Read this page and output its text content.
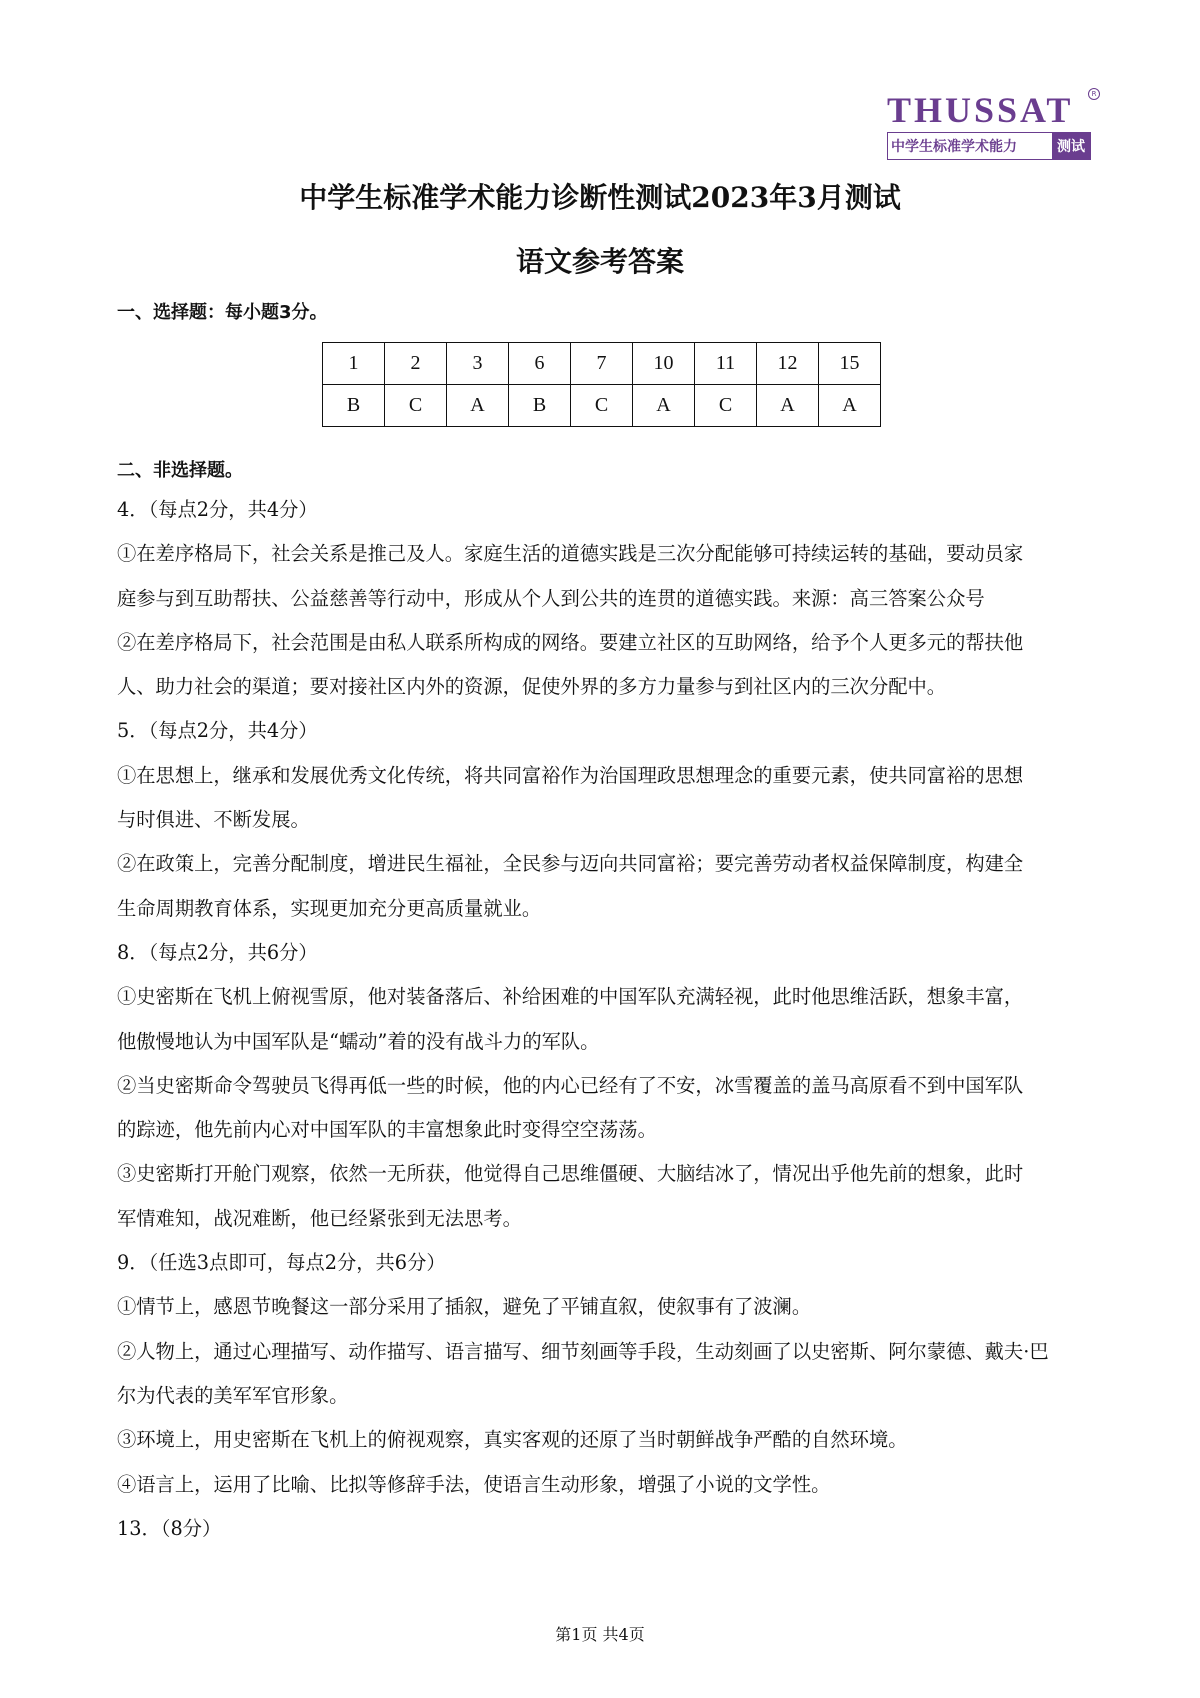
THUSSAT	R
中学生标准学术能力	测试
中学生标准学术能力诊断性测试2023年3月测试
语文参考答案
一、选择题：每小题3分。
1	2	3	6	7	10	11	12	15
B	C	A	B	C	A	C	A	A
二、非选择题。

4．（每点2分，共4分）

①在差序格局下，社会关系是推己及人。家庭生活的道德实践是三次分配能够可持续运转的基础，要动员家

庭参与到互助帮扶、公益慈善等行动中，形成从个人到公共的连贯的道德实践。来源：高三答案公众号

②在差序格局下，社会范围是由私人联系所构成的网络。要建立社区的互助网络，给予个人更多元的帮扶他

人、助力社会的渠道；要对接社区内外的资源，促使外界的多方力量参与到社区内的三次分配中。

5．（每点2分，共4分）

①在思想上，继承和发展优秀文化传统，将共同富裕作为治国理政思想理念的重要元素，使共同富裕的思想

与时俱进、不断发展。

②在政策上，完善分配制度，增进民生福祉，全民参与迈向共同富裕；要完善劳动者权益保障制度，构建全

生命周期教育体系，实现更加充分更高质量就业。

8．（每点2分，共6分）

①史密斯在飞机上俯视雪原，他对装备落后、补给困难的中国军队充满轻视，此时他思维活跃，想象丰富，

他傲慢地认为中国军队是“蠕动”着的没有战斗力的军队。

②当史密斯命令驾驶员飞得再低一些的时候，他的内心已经有了不安，冰雪覆盖的盖马高原看不到中国军队

的踪迹，他先前内心对中国军队的丰富想象此时变得空空荡荡。

③史密斯打开舱门观察，依然一无所获，他觉得自己思维僵硬、大脑结冰了，情况出乎他先前的想象，此时

军情难知，战况难断，他已经紧张到无法思考。

9．（任选3点即可，每点2分，共6分）

①情节上，感恩节晚餐这一部分采用了插叙，避免了平铺直叙，使叙事有了波澜。

②人物上，通过心理描写、动作描写、语言描写、细节刻画等手段，生动刻画了以史密斯、阿尔蒙德、戴夫·巴

尔为代表的美军军官形象。

③环境上，用史密斯在飞机上的俯视观察，真实客观的还原了当时朝鲜战争严酷的自然环境。

④语言上，运用了比喻、比拟等修辞手法，使语言生动形象，增强了小说的文学性。

13．（8分）

第1页 共4页
